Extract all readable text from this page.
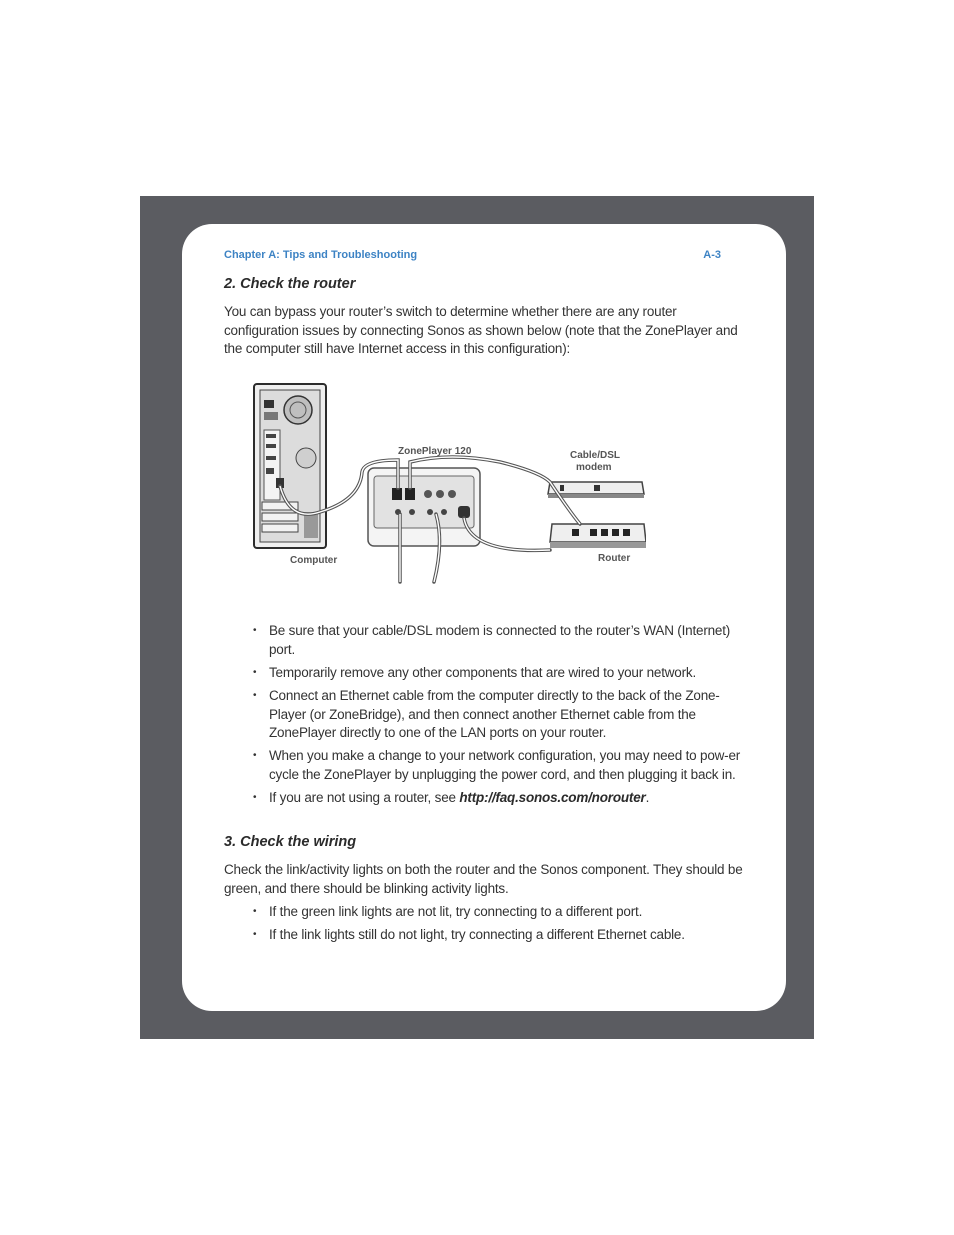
Chapter A: Tips and Troubleshooting	A-3
2. Check the router
You can bypass your router’s switch to determine whether there are any router configuration issues by connecting Sonos as shown below (note that the ZonePlayer and the computer still have Internet access in this configuration):
ZonePlayer 120	Cable/DSL
modem
Computer	Router
• Be sure that your cable/DSL modem is connected to the router’s WAN (Internet) port.
• Temporarily remove any other components that are wired to your network.
• Connect an Ethernet cable from the computer directly to the back of the Zone-Player (or ZoneBridge), and then connect another Ethernet cable from the ZonePlayer directly to one of the LAN ports on your router.
• When you make a change to your network configuration, you may need to pow-er cycle the ZonePlayer by unplugging the power cord, and then plugging it back in.
• If you are not using a router, see http://faq.sonos.com/norouter.
3. Check the wiring
Check the link/activity lights on both the router and the Sonos component. They should be green, and there should be blinking activity lights.
• If the green link lights are not lit, try connecting to a different port.
• If the link lights still do not light, try connecting a different Ethernet cable.
